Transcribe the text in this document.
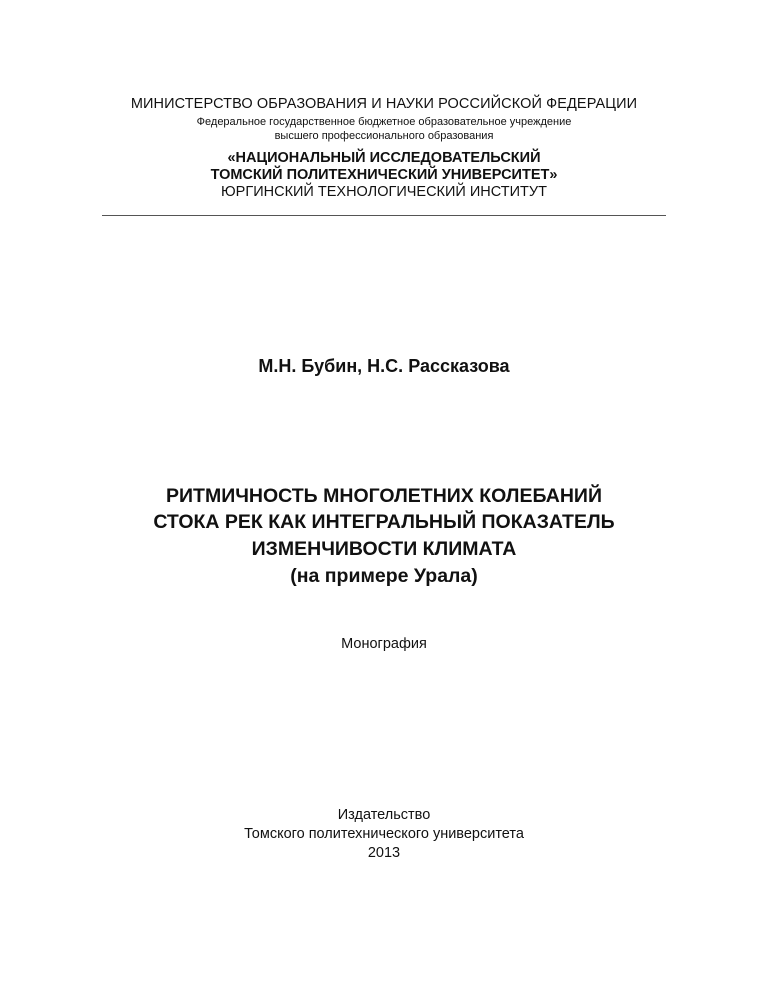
МИНИСТЕРСТВО ОБРАЗОВАНИЯ И НАУКИ РОССИЙСКОЙ ФЕДЕРАЦИИ
Федеральное государственное бюджетное образовательное учреждение
высшего профессионального образования
«НАЦИОНАЛЬНЫЙ ИССЛЕДОВАТЕЛЬСКИЙ
ТОМСКИЙ ПОЛИТЕХНИЧЕСКИЙ УНИВЕРСИТЕТ»
ЮРГИНСКИЙ ТЕХНОЛОГИЧЕСКИЙ ИНСТИТУТ
М.Н. Бубин, Н.С. Рассказова
РИТМИЧНОСТЬ МНОГОЛЕТНИХ КОЛЕБАНИЙ
СТОКА РЕК КАК ИНТЕГРАЛЬНЫЙ ПОКАЗАТЕЛЬ
ИЗМЕНЧИВОСТИ КЛИМАТА
(на примере Урала)
Монография
Издательство
Томского политехнического университета
2013
